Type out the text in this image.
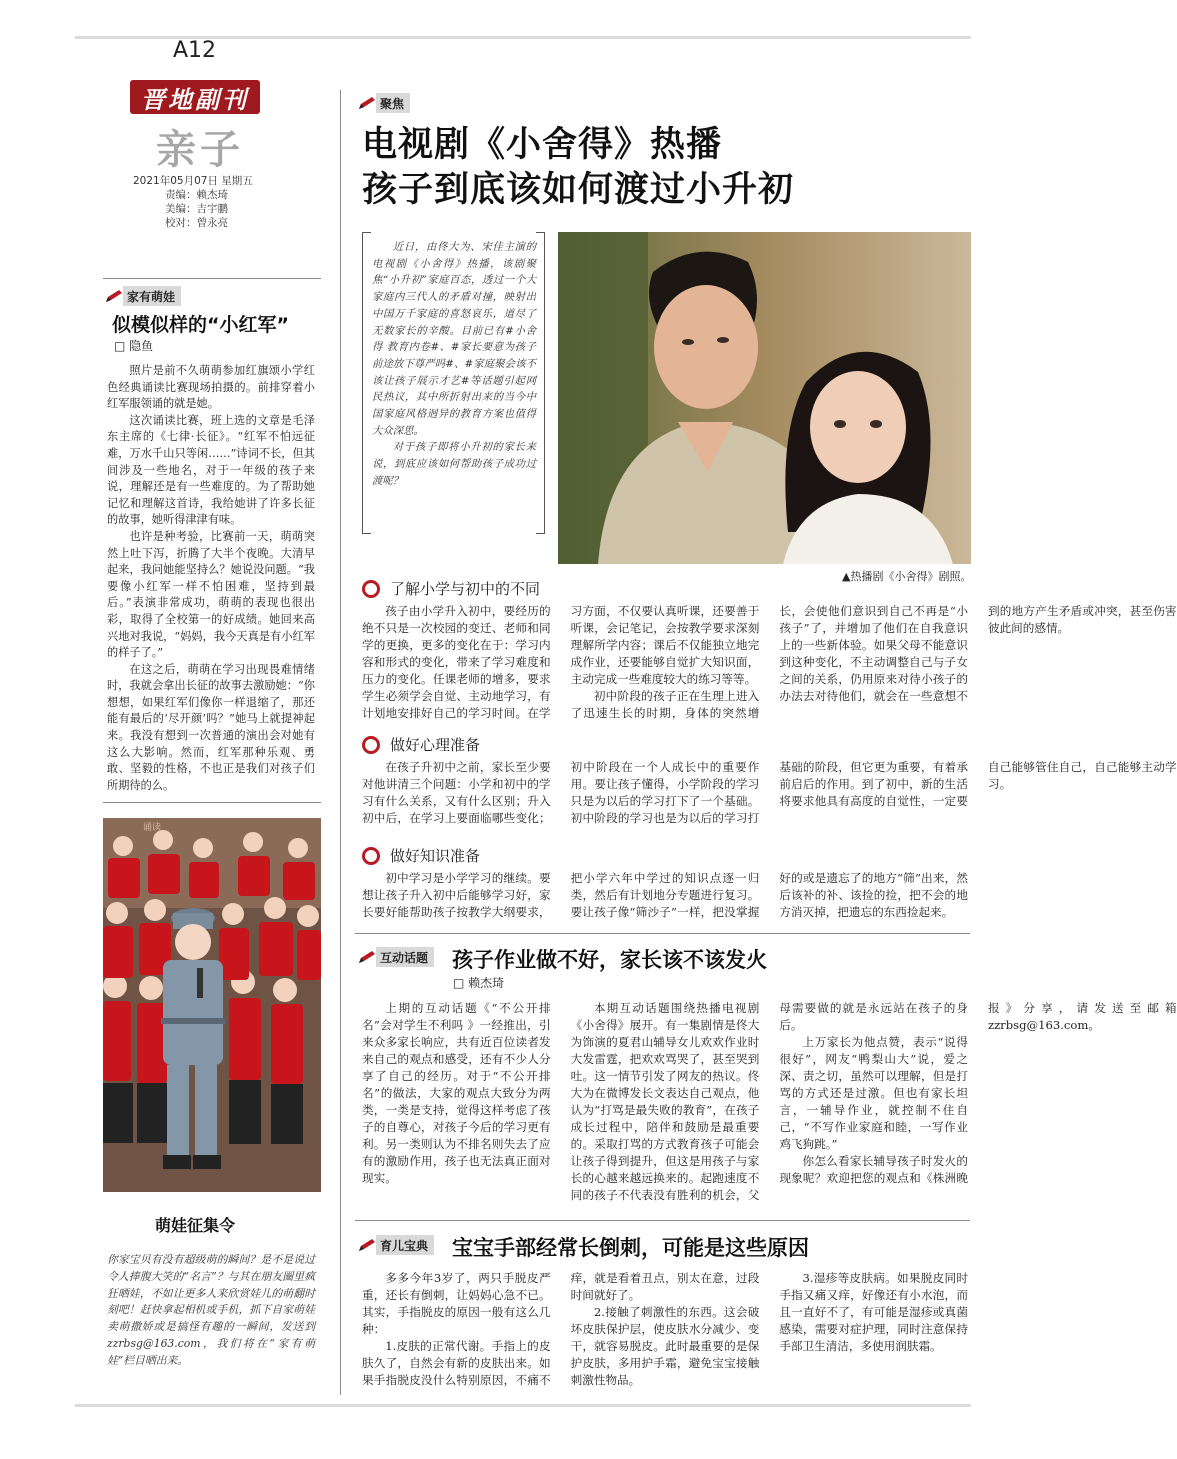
A12
晋地副刊
亲子
2021年05月07日 星期五
责编：赖杰琦
美编：吉宇鹏
校对：曾永亮
家有萌娃
似模似样的“小红军”
□ 隐鱼

照片是前不久萌萌参加红旗颂小学红色经典诵读比赛现场拍摄的。前排穿着小红军服领诵的就是她。

这次诵读比赛，班上选的文章是毛泽东主席的《七律·长征》。“红军不怕远征难，万水千山只等闲……”诗词不长，但其间涉及一些地名，对于一年级的孩子来说，理解还是有一些难度的。为了帮助她记忆和理解这首诗，我给她讲了许多长征的故事，她听得津津有味。

也许是种考验，比赛前一天，萌萌突然上吐下泻，折腾了大半个夜晚。大清早起来，我问她能坚持么？她说没问题。“我要像小红军一样不怕困难，坚持到最后。”表演非常成功，萌萌的表现也很出彩，取得了全校第一的好成绩。她回来高兴地对我说，“妈妈，我今天真是有小红军的样子了。”

在这之后，萌萌在学习出现畏难情绪时，我就会拿出长征的故事去激励她：“你想想，如果红军们像你一样退缩了，那还能有最后的‘尽开颜’吗？”她马上就提神起来。我没有想到一次普通的演出会对她有这么大影响。然而，红军那种乐观、勇敢、坚毅的性格，不也正是我们对孩子们所期待的么。

诵读
萌娃征集令
你家宝贝有没有超级萌的瞬间？是不是说过令人捧腹大笑的“名言”？与其在朋友圈里疯狂晒娃，不如让更多人来欣赏娃儿的萌翻时刻吧！赶快拿起相机或手机，抓下自家萌娃卖萌撒娇或是搞怪有趣的一瞬间，发送到zzrbsg@163.com，我们将在“家有萌娃”栏目晒出来。
聚焦
电视剧《小舍得》热播
孩子到底该如何渡过小升初

近日，由佟大为、宋佳主演的电视剧《小舍得》热播，该剧聚焦“小升初”家庭百态，透过一个大家庭内三代人的矛盾对撞，映射出中国万千家庭的喜怒哀乐，道尽了无数家长的辛酸。目前已有#小舍得 教育内卷#、#家长要意为孩子前途放下尊严吗#、#家庭聚会该不该让孩子展示才艺#等话题引起网民热议，其中所折射出来的当今中国家庭风格迥异的教育方案也值得大众深思。

对于孩子即将小升初的家长来说，到底应该如何帮助孩子成功过渡呢？

▲热播剧《小舍得》剧照。
了解小学与初中的不同

孩子由小学升入初中，要经历的绝不只是一次校园的变迁、老师和同学的更换，更多的变化在于：学习内容和形式的变化，带来了学习难度和压力的变化。任课老师的增多，要求学生必须学会自觉、主动地学习，有计划地安排好自己的学习时间。在学习方面，不仅要认真听课，还要善于听课，会记笔记，会按教学要求深刻理解所学内容；课后不仅能独立地完成作业，还要能够自觉扩大知识面，主动完成一些难度较大的练习等等。

初中阶段的孩子正在生理上进入了迅速生长的时期，身体的突然增长，会使他们意识到自己不再是“小孩子”了，并增加了他们在自我意识上的一些新体验。如果父母不能意识到这种变化，不主动调整自己与子女之间的关系，仍用原来对待小孩子的办法去对待他们，就会在一些意想不到的地方产生矛盾或冲突，甚至伤害彼此间的感情。

做好心理准备

在孩子升初中之前，家长至少要对他讲清三个问题：小学和初中的学习有什么关系，又有什么区别；升入初中后，在学习上要面临哪些变化；初中阶段在一个人成长中的重要作用。要让孩子懂得，小学阶段的学习只是为以后的学习打下了一个基础。初中阶段的学习也是为以后的学习打基础的阶段，但它更为重要，有着承前启后的作用。到了初中，新的生活将要求他具有高度的自觉性，一定要自己能够管住自己，自己能够主动学习。

做好知识准备

初中学习是小学学习的继续。要想让孩子升入初中后能够学习好，家长要好能帮助孩子按教学大纲要求，把小学六年中学过的知识点逐一归类，然后有计划地分专题进行复习。要让孩子像“筛沙子”一样，把没掌握好的或是遗忘了的地方“筛”出来，然后该补的补、该捡的捡，把不会的地方消灭掉，把遗忘的东西捡起来。

互动话题 孩子作业做不好，家长该不该发火
□ 赖杰琦

上期的互动话题《“不公开排名”会对学生不利吗 》一经推出，引来众多家长响应，共有近百位读者发来自己的观点和感受，还有不少人分享了自己的经历。对于“不公开排名”的做法，大家的观点大致分为两类，一类是支持，觉得这样考虑了孩子的自尊心，对孩子今后的学习更有利。另一类则认为不排名则失去了应有的激励作用，孩子也无法真正面对现实。

本期互动话题围绕热播电视剧《小舍得》展开。有一集剧情是佟大为饰演的夏君山辅导女儿欢欢作业时大发雷霆，把欢欢骂哭了，甚至哭到吐。这一情节引发了网友的热议。佟大为在微博发长文表达自己观点，他认为“打骂是最失败的教育”，在孩子成长过程中，陪伴和鼓励是最重要的。采取打骂的方式教育孩子可能会让孩子得到提升，但这是用孩子与家长的心越来越远换来的。起跑速度不同的孩子不代表没有胜利的机会，父母需要做的就是永远站在孩子的身后。

上万家长为他点赞，表示“说得很好”，网友“鸭梨山大”说，爱之深、责之切，虽然可以理解，但是打骂的方式还是过激。但也有家长坦言，一辅导作业，就控制不住自己，“不写作业家庭和睦，一写作业鸡飞狗跳。”

你怎么看家长辅导孩子时发火的现象呢？欢迎把您的观点和《株洲晚报》分享，请发送至邮箱zzrbsg@163.com。

育儿宝典 宝宝手部经常长倒刺，可能是这些原因

多多今年3岁了，两只手脱皮严重，还长有倒刺，让妈妈心急不已。其实，手指脱皮的原因一般有这么几种：

1.皮肤的正常代谢。手指上的皮肤久了，自然会有新的皮肤出来。如果手指脱皮没什么特别原因，不痛不痒，就是看着丑点，别太在意，过段时间就好了。

2.接触了刺激性的东西。这会破坏皮肤保护层，使皮肤水分减少、变干，就容易脱皮。此时最重要的是保护皮肤，多用护手霜，避免宝宝接触刺激性物品。

3.湿疹等皮肤病。如果脱皮同时手指又痛又痒，好像还有小水泡，而且一直好不了，有可能是湿疹或真菌感染，需要对症护理，同时注意保持手部卫生清洁，多使用润肤霜。
